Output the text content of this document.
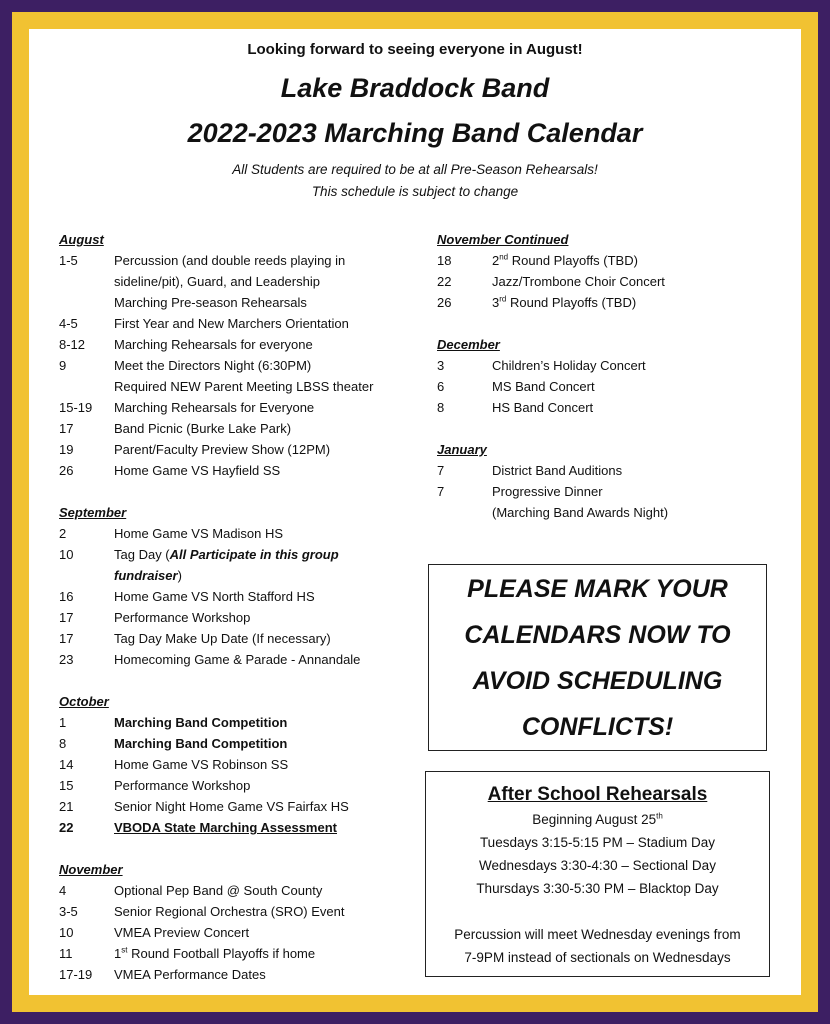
Looking forward to seeing everyone in August!
Lake Braddock Band
2022-2023 Marching Band Calendar
All Students are required to be at all Pre-Season Rehearsals!
This schedule is subject to change
August
1-5	Percussion (and double reeds playing in
sideline/pit), Guard, and Leadership
Marching Pre-season Rehearsals
4-5	First Year and New Marchers Orientation
8-12	Marching Rehearsals for everyone
9	Meet the Directors Night (6:30PM)
Required NEW Parent Meeting LBSS theater
15-19	Marching Rehearsals for Everyone
17	Band Picnic (Burke Lake Park)
19	Parent/Faculty Preview Show (12PM)
26	Home Game VS Hayfield SS
September
2	Home Game VS Madison HS
10	Tag Day (All Participate in this group
fundraiser)
16	Home Game VS North Stafford HS
17	Performance Workshop
17	Tag Day Make Up Date (If necessary)
23	Homecoming Game & Parade - Annandale
October
1	Marching Band Competition
8	Marching Band Competition
14	Home Game VS Robinson SS
15	Performance Workshop
21	Senior Night Home Game VS Fairfax HS
22	VBODA State Marching Assessment
November
4	Optional Pep Band @ South County
3-5	Senior Regional Orchestra (SRO) Event
10	VMEA Preview Concert
11	1st Round Football Playoffs if home
17-19	VMEA Performance Dates
November Continued
18	2nd Round Playoffs (TBD)
22	Jazz/Trombone Choir Concert
26	3rd Round Playoffs (TBD)
December
3	Children’s Holiday Concert
6	MS Band Concert
8	HS Band Concert
January
7	District Band Auditions
7	Progressive Dinner
(Marching Band Awards Night)
PLEASE MARK YOUR
CALENDARS NOW TO
AVOID SCHEDULING
CONFLICTS!
After School Rehearsals
Beginning August 25th
Tuesdays 3:15-5:15 PM – Stadium Day
Wednesdays 3:30-4:30 – Sectional Day
Thursdays 3:30-5:30 PM – Blacktop Day
Percussion will meet Wednesday evenings from
7-9PM instead of sectionals on Wednesdays
